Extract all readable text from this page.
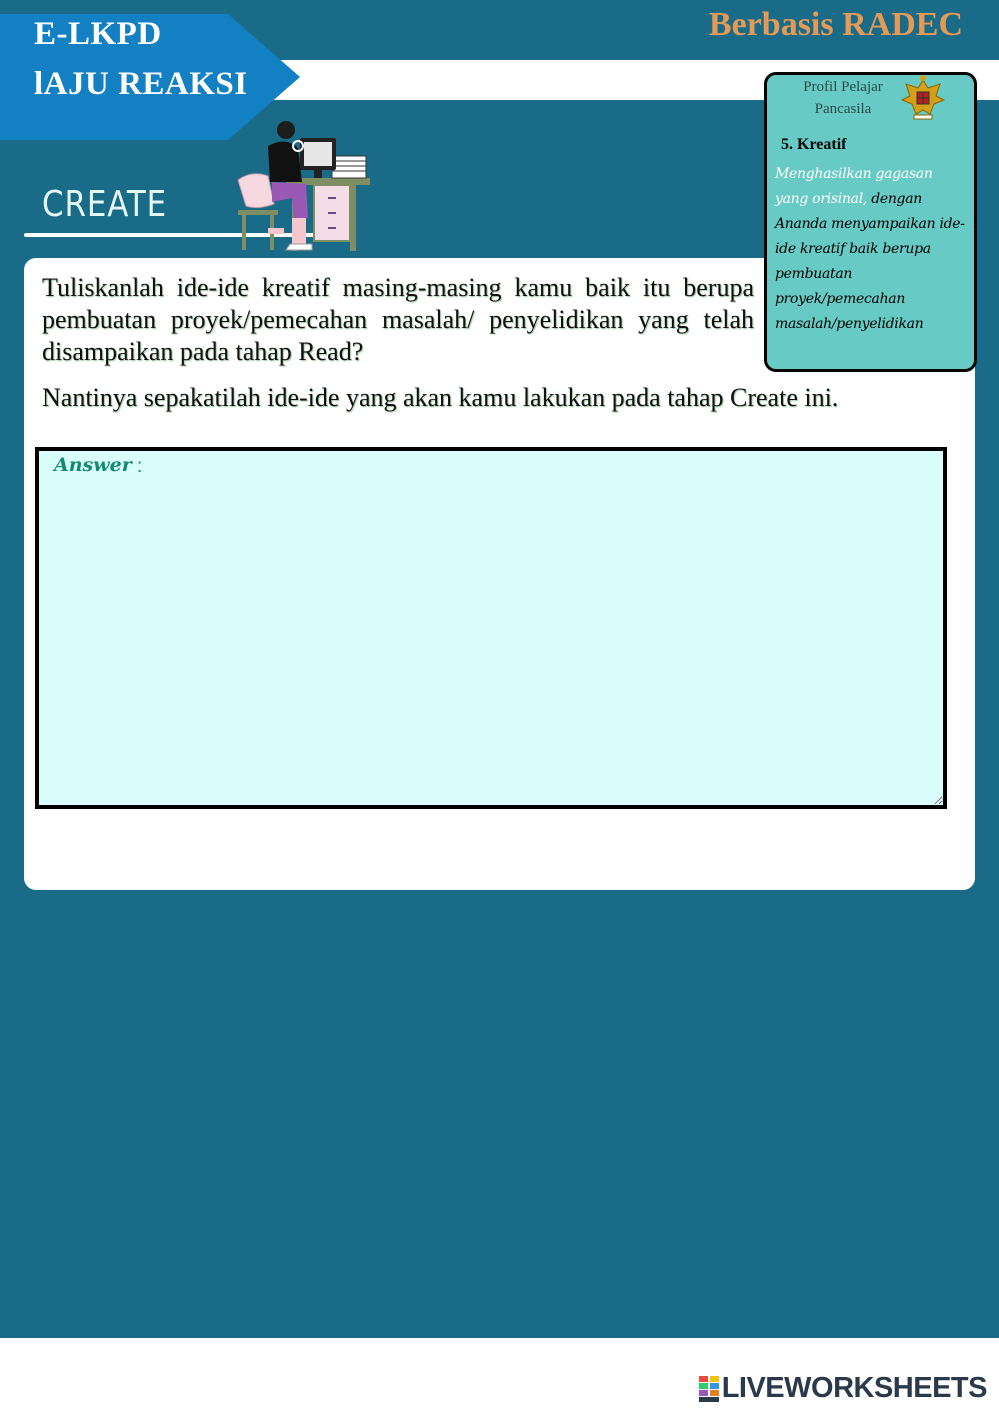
E-LKPD
lAJU REAKSI
Berbasis RADEC
CREATE
Tuliskanlah ide-ide kreatif masing-masing kamu baik itu berupa pembuatan proyek/pemecahan masalah/ penyelidikan yang telah disampaikan pada tahap Read?
Nantinya sepakatilah ide-ide yang akan kamu lakukan pada tahap Create ini.
Answer :
Profil Pelajar Pancasila
5. Kreatif
Menghasilkan gagasan yang orisinal, dengan Ananda menyampaikan ide-ide kreatif baik berupa pembuatan proyek/pemecahan masalah/penyelidikan
LIVEWORKSHEETS
